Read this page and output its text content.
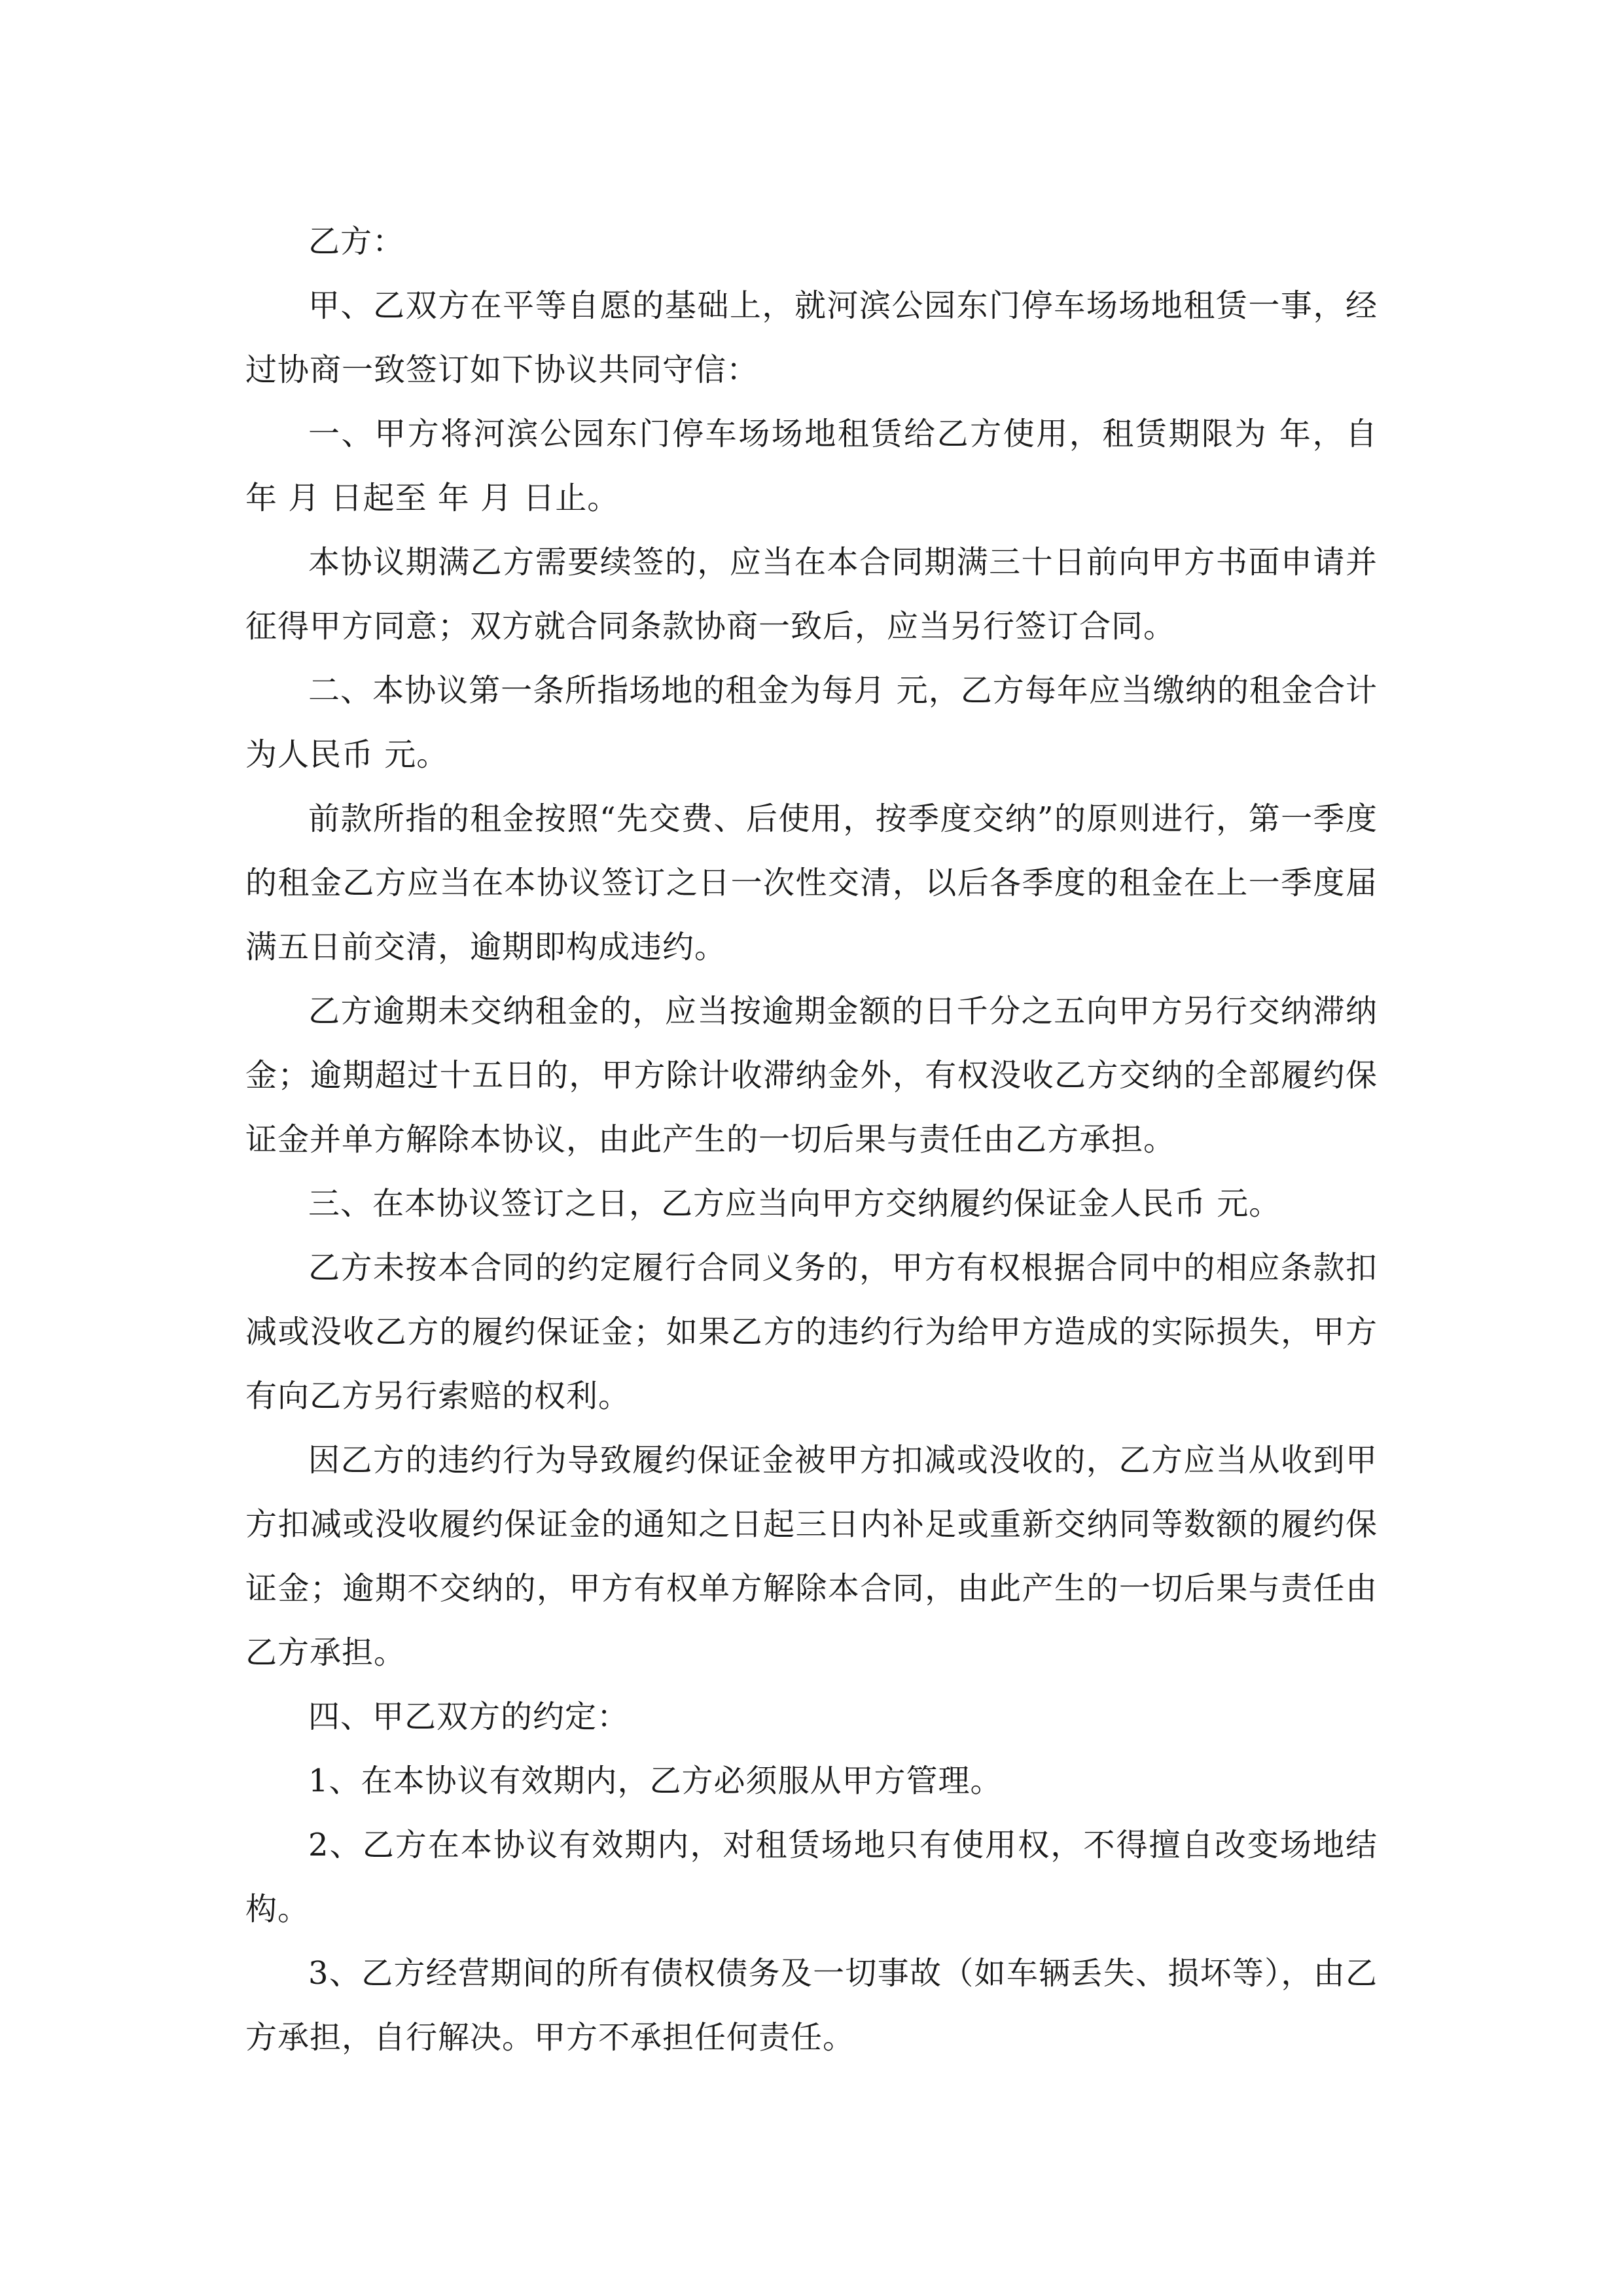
乙方：

甲、乙双方在平等自愿的基础上，就河滨公园东门停车场场地租赁一事，经过协商一致签订如下协议共同守信：

一、甲方将河滨公园东门停车场场地租赁给乙方使用，租赁期限为 年，自 年 月 日起至 年 月 日止。

本协议期满乙方需要续签的，应当在本合同期满三十日前向甲方书面申请并征得甲方同意；双方就合同条款协商一致后，应当另行签订合同。

二、本协议第一条所指场地的租金为每月 元，乙方每年应当缴纳的租金合计为人民币 元。

前款所指的租金按照“先交费、后使用，按季度交纳”的原则进行，第一季度的租金乙方应当在本协议签订之日一次性交清，以后各季度的租金在上一季度届满五日前交清，逾期即构成违约。

乙方逾期未交纳租金的，应当按逾期金额的日千分之五向甲方另行交纳滞纳金；逾期超过十五日的，甲方除计收滞纳金外，有权没收乙方交纳的全部履约保证金并单方解除本协议，由此产生的一切后果与责任由乙方承担。

三、在本协议签订之日，乙方应当向甲方交纳履约保证金人民币 元。

乙方未按本合同的约定履行合同义务的，甲方有权根据合同中的相应条款扣减或没收乙方的履约保证金；如果乙方的违约行为给甲方造成的实际损失，甲方有向乙方另行索赔的权利。

因乙方的违约行为导致履约保证金被甲方扣减或没收的，乙方应当从收到甲方扣减或没收履约保证金的通知之日起三日内补足或重新交纳同等数额的履约保证金；逾期不交纳的，甲方有权单方解除本合同，由此产生的一切后果与责任由乙方承担。

四、甲乙双方的约定：

1、在本协议有效期内，乙方必须服从甲方管理。

2、乙方在本协议有效期内，对租赁场地只有使用权，不得擅自改变场地结构。

3、乙方经营期间的所有债权债务及一切事故（如车辆丢失、损坏等），由乙方承担，自行解决。甲方不承担任何责任。
